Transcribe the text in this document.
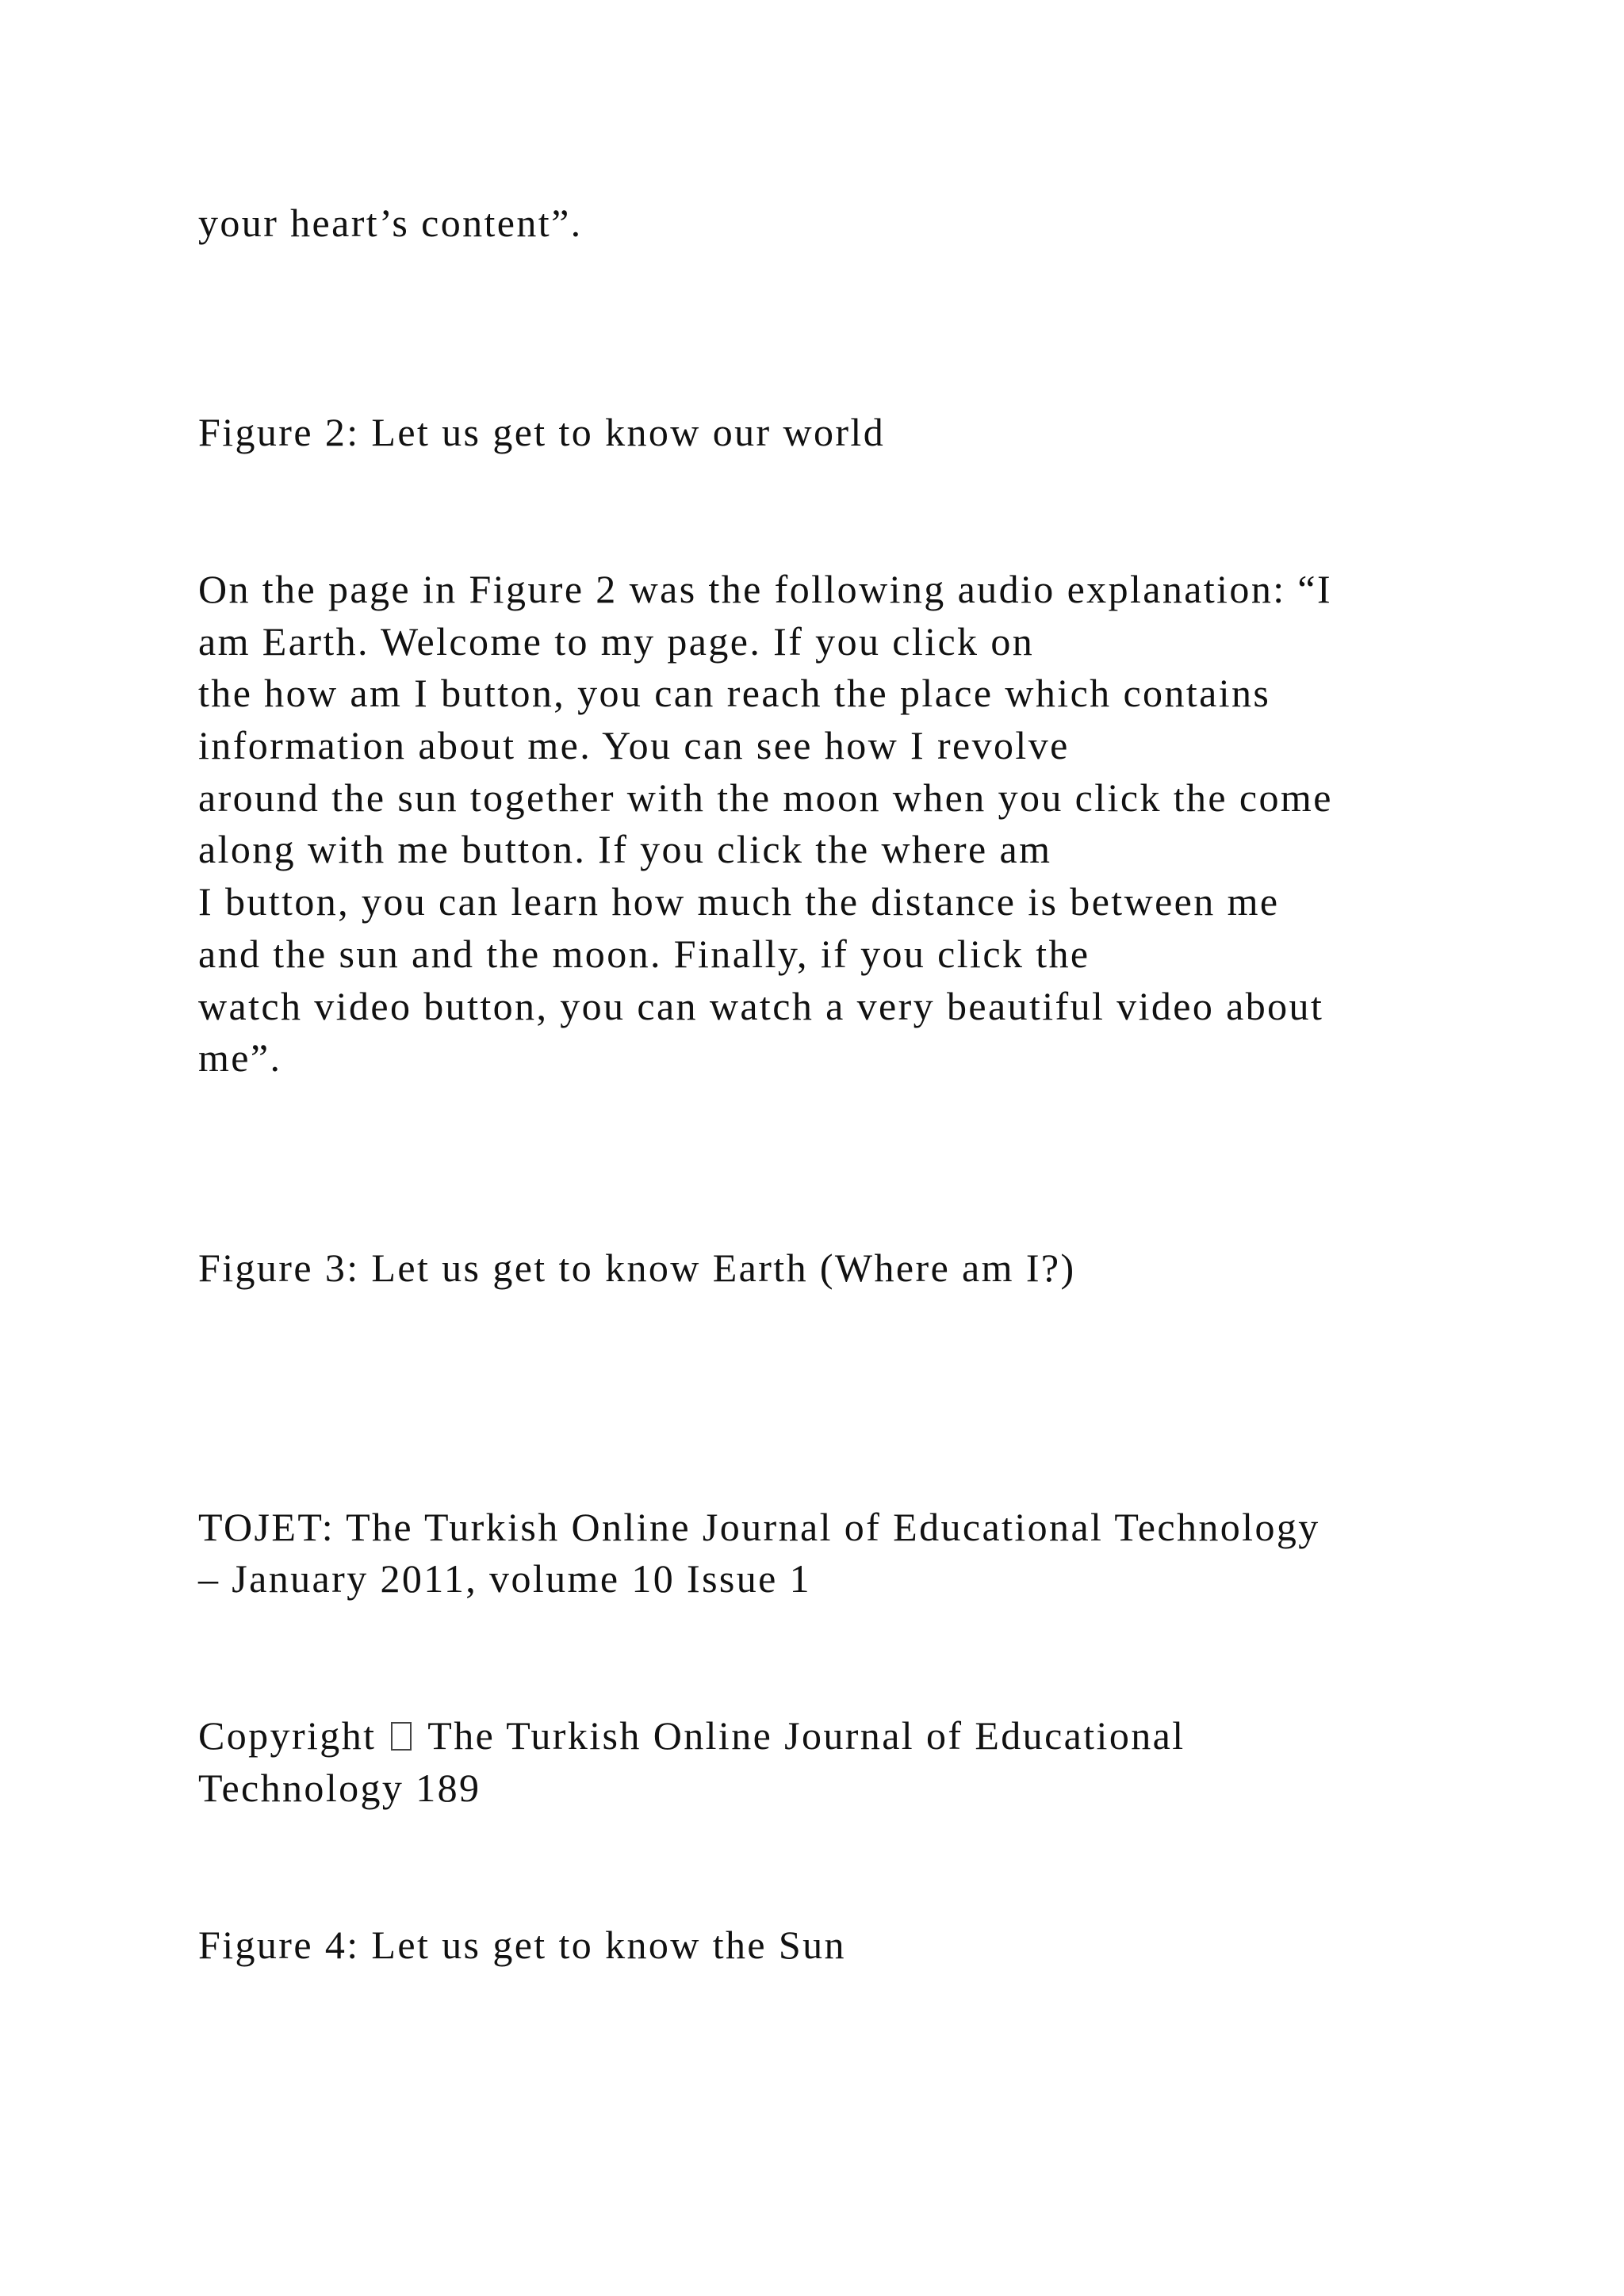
your heart’s content”.

Figure 2: Let us get to know our world

On the page in Figure 2 was the following audio explanation: “I

am Earth. Welcome to my page. If you click on

the how am I button, you can reach the place which contains

information about me. You can see how I revolve

around the sun together with the moon when you click the come

along with me button. If you click the where am

I button, you can learn how much the distance is between me

and the sun and the moon. Finally, if you click the

watch video button, you can watch a very beautiful video about

me”.

Figure 3: Let us get to know Earth (Where am I?)

TOJET: The Turkish Online Journal of Educational Technology

– January 2011, volume 10 Issue 1

Copyright The Turkish Online Journal of Educational

Technology 189

Figure 4: Let us get to know the Sun
